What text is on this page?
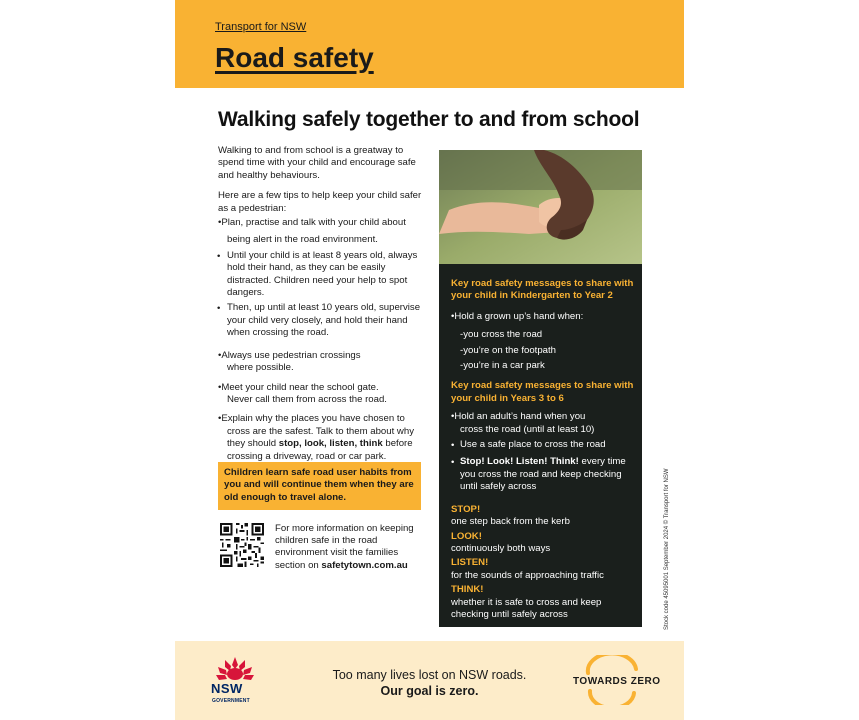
Transport for NSW
Road safety
Walking safely together to and from school

Walking to and from school is a greatway to spend time with your child and encourage safe and healthy behaviours.

Here are a few tips to help keep your child safer as a pedestrian:

•Plan, practise and talk with your child about
being alert in the road environment.
• Until your child is at least 8 years old, always hold their hand, as they can be easily distracted. Children need your help to spot dangers.
• Then, up until at least 10 years old, supervise your child very closely, and hold their hand when crossing the road.
•Always use pedestrian crossings
where possible.
•Meet your child near the school gate.
Never call them from across the road.
•Explain why the places you have chosen to
cross are the safest. Talk to them about why they should stop, look, listen, think before crossing a driveway, road or car park.
Children learn safe road user habits from you and will continue them when they are old enough to travel alone.
For more information on keeping children safe in the road environment visit the families section on safetytown.com.au
Key road safety messages to share with your child in Kindergarten to Year 2
•Hold a grown up’s hand when:
-you cross the road
-you’re on the footpath
-you’re in a car park
Key road safety messages to share with your child in Years 3 to 6
•Hold an adult’s hand when you
cross the road (until at least 10)
• Use a safe place to cross the road
• Stop! Look! Listen! Think! every time you cross the road and keep checking until safely across
STOP!
one step back from the kerb
LOOK!
continuously both ways
LISTEN!
for the sounds of approaching traffic
THINK!
whether it is safe to cross and keep checking until safely across
NSW
GOVERNMENT
Too many lives lost on NSW roads.
Our goal is zero.
TOWARDS ZERO
Stock code 45095001 September 2024 © Transport for NSW
